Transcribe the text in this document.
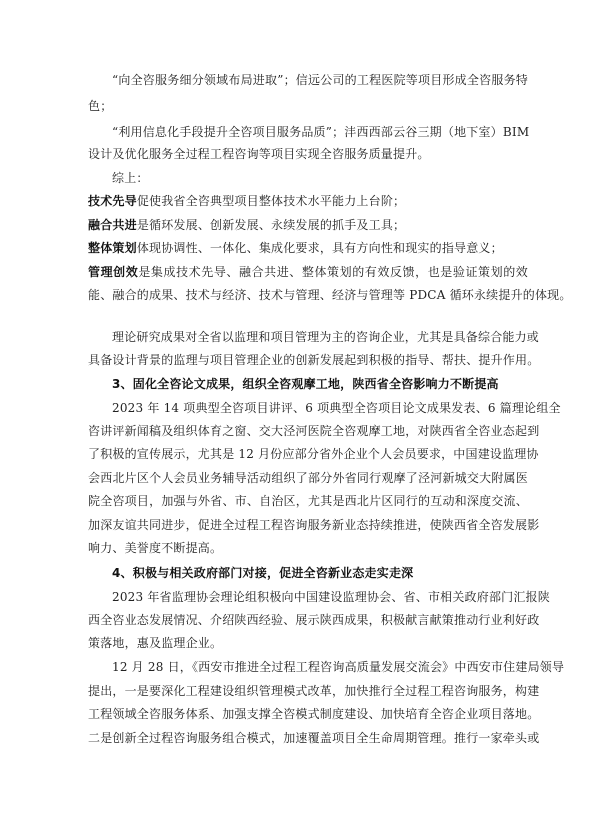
“向全咨服务细分领域布局进取”；信远公司的工程医院等项目形成全咨服务特
色；
“利用信息化手段提升全咨项目服务品质”；沣西西部云谷三期（地下室）BIM
设计及优化服务全过程工程咨询等项目实现全咨服务质量提升。
综上：
技术先导促使我省全咨典型项目整体技术水平能力上台阶；
融合共进是循环发展、创新发展、永续发展的抓手及工具；
整体策划体现协调性、一体化、集成化要求，具有方向性和现实的指导意义；
管理创效是集成技术先导、融合共进、整体策划的有效反馈，也是验证策划的效
能、融合的成果、技术与经济、技术与管理、经济与管理等 PDCA 循环永续提升的体现。
理论研究成果对全省以监理和项目管理为主的咨询企业，尤其是具备综合能力或
具备设计背景的监理与项目管理企业的创新发展起到积极的指导、帮扶、提升作用。
3、固化全咨论文成果，组织全咨观摩工地，陕西省全咨影响力不断提高
2023 年 14 项典型全咨项目讲评、6 项典型全咨项目论文成果发表、6 篇理论组全
咨讲评新闻稿及组织体育之窗、交大泾河医院全咨观摩工地，对陕西省全咨业态起到
了积极的宣传展示，尤其是 12 月份应部分省外企业个人会员要求，中国建设监理协
会西北片区个人会员业务辅导活动组织了部分外省同行观摩了泾河新城交大附属医
院全咨项目，加强与外省、市、自治区，尤其是西北片区同行的互动和深度交流、
加深友谊共同进步，促进全过程工程咨询服务新业态持续推进，使陕西省全咨发展影
响力、美誉度不断提高。
4、积极与相关政府部门对接，促进全咨新业态走实走深
2023 年省监理协会理论组积极向中国建设监理协会、省、市相关政府部门汇报陕
西全咨业态发展情况、介绍陕西经验、展示陕西成果，积极献言献策推动行业利好政
策落地，惠及监理企业。
12 月 28 日，《西安市推进全过程工程咨询高质量发展交流会》中西安市住建局领导
提出，一是要深化工程建设组织管理模式改革，加快推行全过程工程咨询服务，构建
工程领域全咨服务体系、加强支撑全咨模式制度建设、加快培育全咨企业项目落地。
二是创新全过程咨询服务组合模式，加速覆盖项目全生命周期管理。推行一家牵头或
